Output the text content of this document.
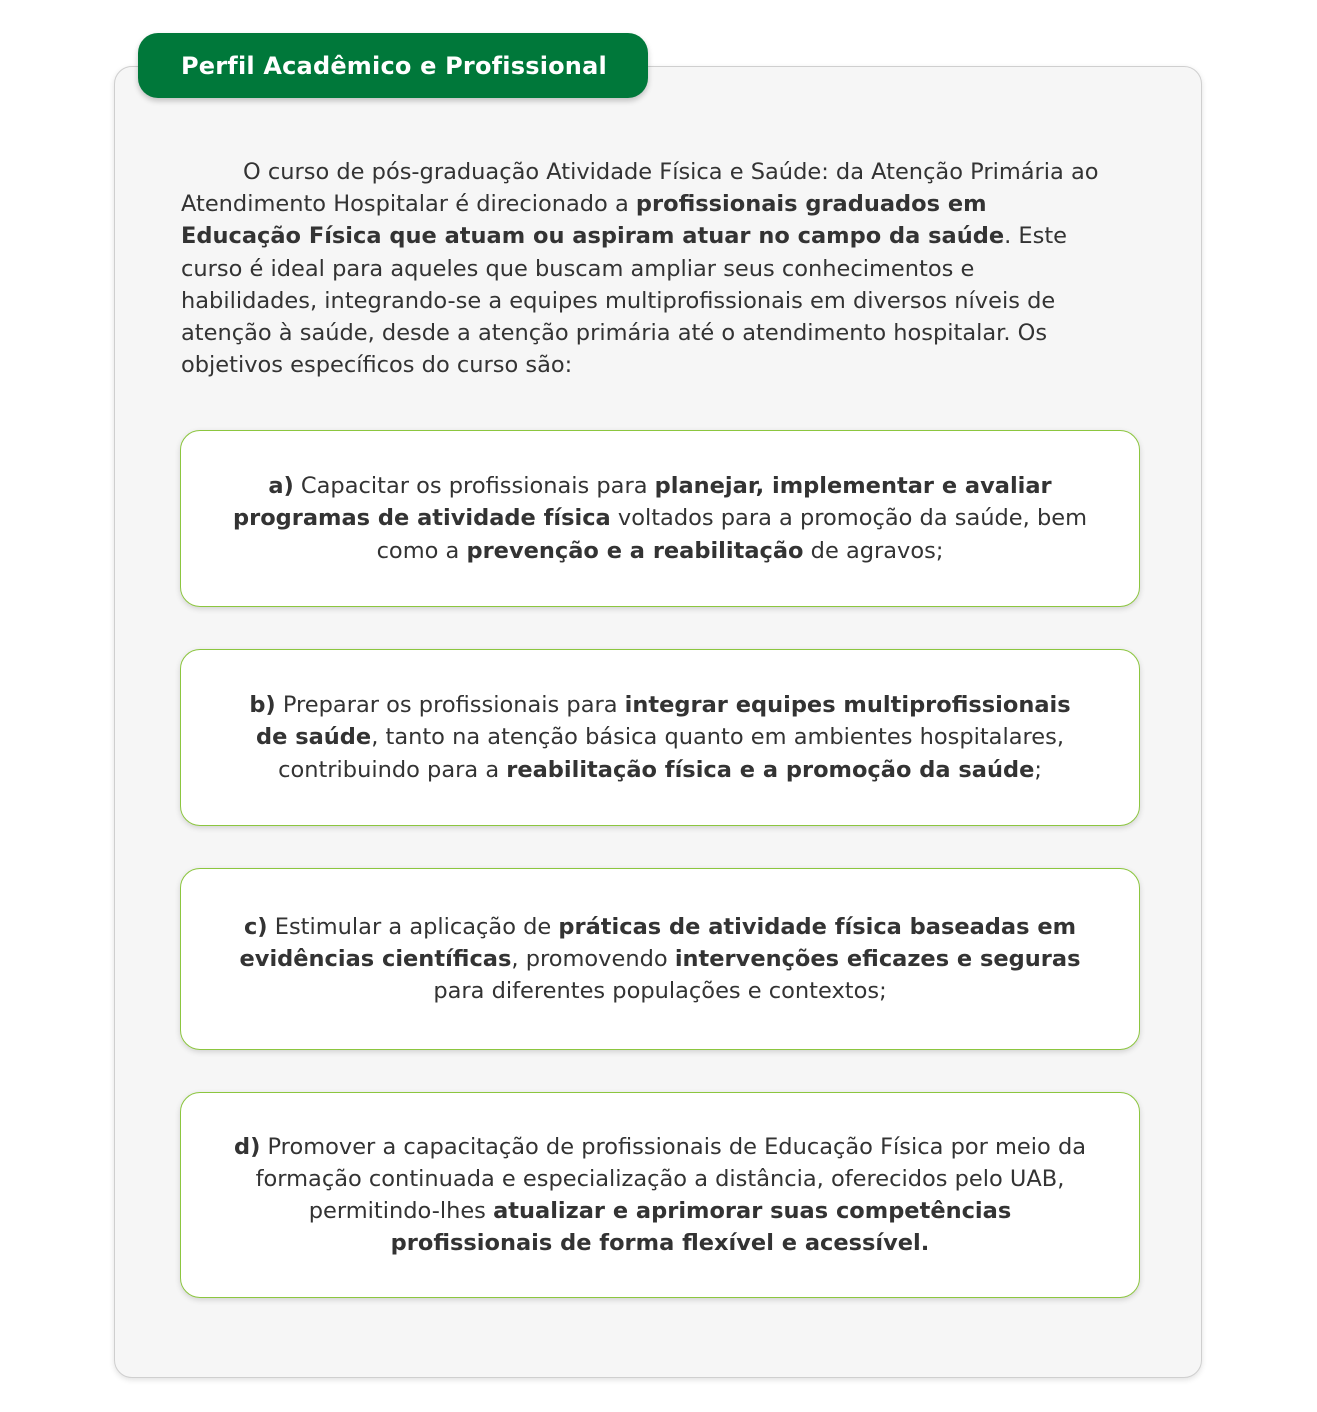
Perfil Acadêmico e Profissional

O curso de pós-graduação Atividade Física e Saúde: da Atenção Primária ao Atendimento Hospitalar é direcionado a profissionais graduados em Educação Física que atuam ou aspiram atuar no campo da saúde. Este curso é ideal para aqueles que buscam ampliar seus conhecimentos e habilidades, integrando-se a equipes multiprofissionais em diversos níveis de atenção à saúde, desde a atenção primária até o atendimento hospitalar. Os objetivos específicos do curso são:

a) Capacitar os profissionais para planejar, implementar e avaliar programas de atividade física voltados para a promoção da saúde, bem como a prevenção e a reabilitação de agravos;

b) Preparar os profissionais para integrar equipes multiprofissionais de saúde, tanto na atenção básica quanto em ambientes hospitalares, contribuindo para a reabilitação física e a promoção da saúde;

c) Estimular a aplicação de práticas de atividade física baseadas em evidências científicas, promovendo intervenções eficazes e seguras para diferentes populações e contextos;

d) Promover a capacitação de profissionais de Educação Física por meio da formação continuada e especialização a distância, oferecidos pelo UAB, permitindo-lhes atualizar e aprimorar suas competências profissionais de forma flexível e acessível.
